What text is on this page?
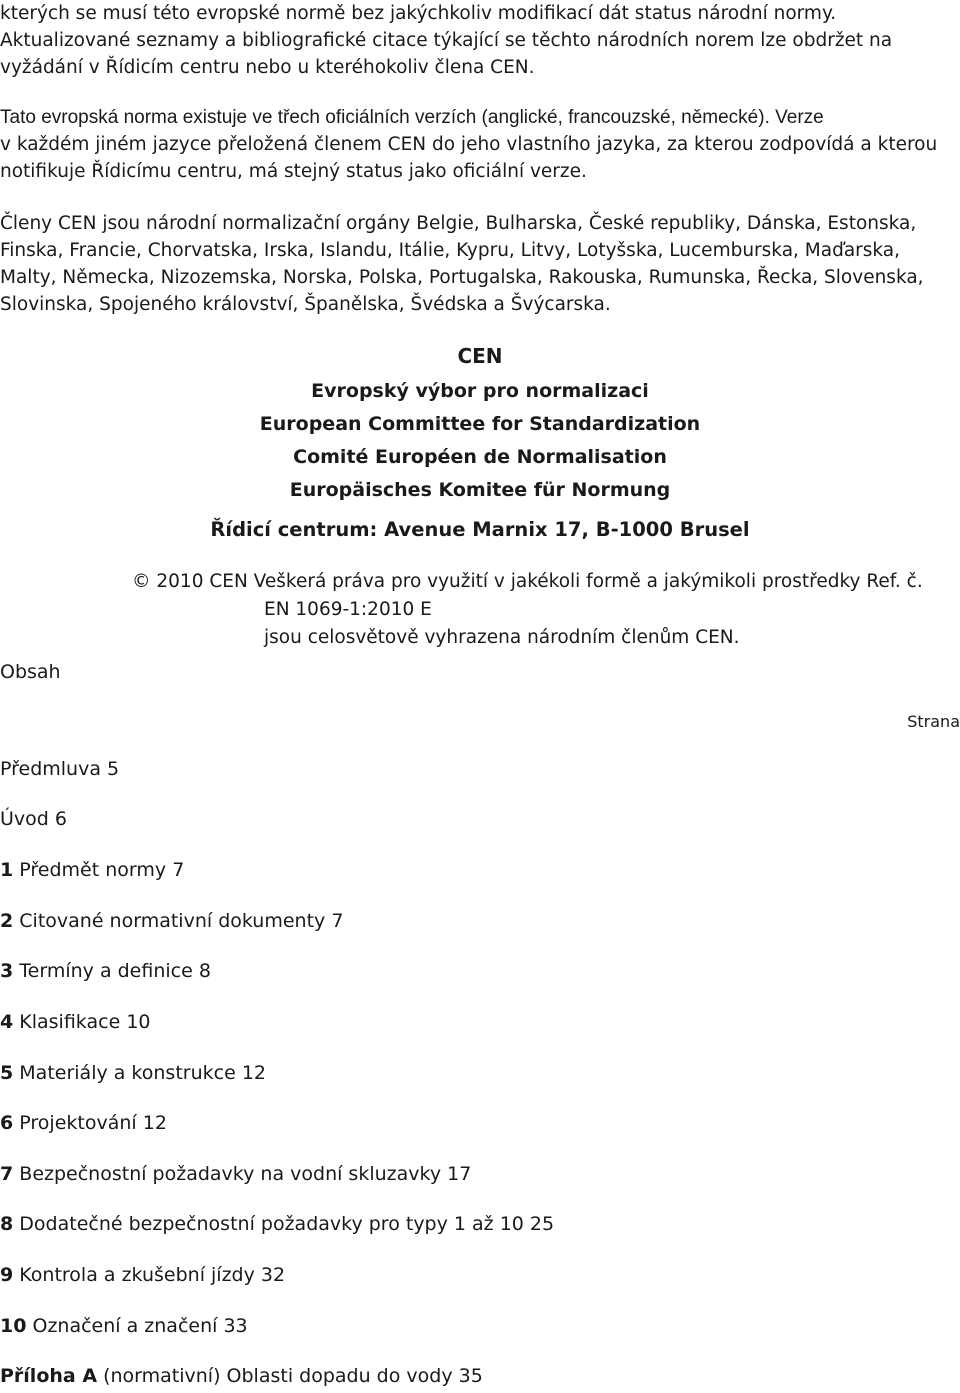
kterých se musí této evropské normě bez jakýchkoliv modifikací dát status národní normy.
Aktualizované seznamy a bibliografické citace týkající se těchto národních norem lze obdržet na
vyžádání v Řídicím centru nebo u kteréhokoliv člena CEN.
Tato evropská norma existuje ve třech oficiálních verzích (anglické, francouzské, německé). Verze
v každém jiném jazyce přeložená členem CEN do jeho vlastního jazyka, za kterou zodpovídá a kterou
notifikuje Řídicímu centru, má stejný status jako oficiální verze.
Členy CEN jsou národní normalizační orgány Belgie, Bulharska, České republiky, Dánska, Estonska,
Finska, Francie, Chorvatska, Irska, Islandu, Itálie, Kypru, Litvy, Lotyšska, Lucemburska, Maďarska,
Malty, Německa, Nizozemska, Norska, Polska, Portugalska, Rakouska, Rumunska, Řecka, Slovenska,
Slovinska, Spojeného království, Španělska, Švédska a Švýcarska.
CEN
Evropský výbor pro normalizaci
European Committee for Standardization
Comité Européen de Normalisation
Europäisches Komitee für Normung
Řídicí centrum: Avenue Marnix 17, B-1000 Brusel
© 2010 CEN Veškerá práva pro využití v jakékoli formě a jakýmikoli prostředky Ref. č.
EN 1069-1:2010 E
jsou celosvětově vyhrazena národním členům CEN.
Obsah
Strana
Předmluva 5
Úvod 6
1 Předmět normy 7
2 Citované normativní dokumenty 7
3 Termíny a definice 8
4 Klasifikace 10
5 Materiály a konstrukce 12
6 Projektování 12
7 Bezpečnostní požadavky na vodní skluzavky 17
8 Dodatečné bezpečnostní požadavky pro typy 1 až 10 25
9 Kontrola a zkušební jízdy 32
10 Označení a značení 33
Příloha A (normativní) Oblasti dopadu do vody 35
